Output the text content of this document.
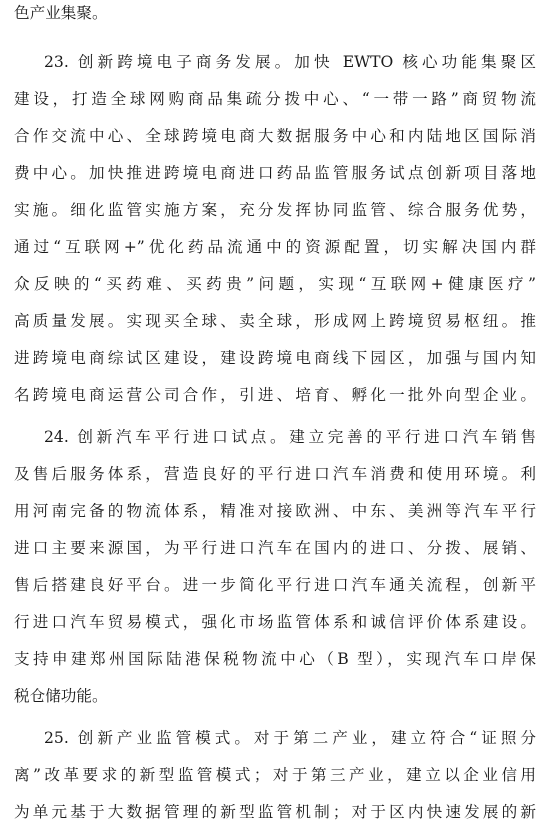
色产业集聚。
23. 创新跨境电子商务发展。加快 EWTO 核心功能集聚区
建设，打造全球网购商品集疏分拨中心、“一带一路”商贸物流
合作交流中心、全球跨境电商大数据服务中心和内陆地区国际消
费中心。加快推进跨境电商进口药品监管服务试点创新项目落地
实施。细化监管实施方案，充分发挥协同监管、综合服务优势，
通过“互联网+”优化药品流通中的资源配置，切实解决国内群
众反映的“买药难、买药贵”问题，实现“互联网+健康医疗”
高质量发展。实现买全球、卖全球，形成网上跨境贸易枢纽。推
进跨境电商综试区建设，建设跨境电商线下园区，加强与国内知
名跨境电商运营公司合作，引进、培育、孵化一批外向型企业。
24. 创新汽车平行进口试点。建立完善的平行进口汽车销售
及售后服务体系，营造良好的平行进口汽车消费和使用环境。利
用河南完备的物流体系，精准对接欧洲、中东、美洲等汽车平行
进口主要来源国，为平行进口汽车在国内的进口、分拨、展销、
售后搭建良好平台。进一步简化平行进口汽车通关流程，创新平
行进口汽车贸易模式，强化市场监管体系和诚信评价体系建设。
支持申建郑州国际陆港保税物流中心（B 型），实现汽车口岸保
税仓储功能。
25. 创新产业监管模式。对于第二产业，建立符合“证照分
离”改革要求的新型监管模式；对于第三产业，建立以企业信用
为单元基于大数据管理的新型监管机制；对于区内快速发展的新
